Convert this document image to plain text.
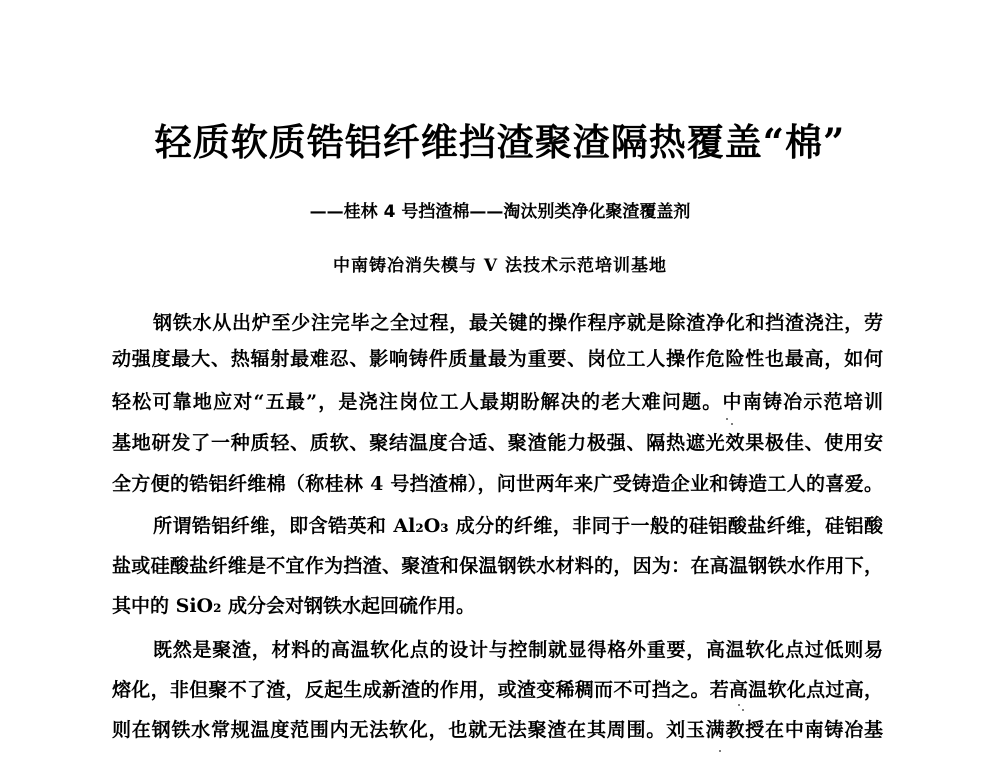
轻质软质锆铝纤维挡渣聚渣隔热覆盖“棉”
——桂林 4 号挡渣棉——淘汰别类净化聚渣覆盖剂
中南铸冶消失模与 V 法技术示范培训基地
钢铁水从出炉至少注完毕之全过程，最关键的操作程序就是除渣净化和挡渣浇注，劳
动强度最大、热辐射最难忍、影响铸件质量最为重要、岗位工人操作危险性也最高，如何
轻松可靠地应对“五最”，是浇注岗位工人最期盼解决的老大难问题。中南铸冶示范培训
基地研发了一种质轻、质软、聚结温度合适、聚渣能力极强、隔热遮光效果极佳、使用安
全方便的锆铝纤维棉（称桂林 4 号挡渣棉），问世两年来广受铸造企业和铸造工人的喜爱。
所谓锆铝纤维，即含锆英和 Al₂O₃ 成分的纤维，非同于一般的硅铝酸盐纤维，硅铝酸
盐或硅酸盐纤维是不宜作为挡渣、聚渣和保温钢铁水材料的，因为：在高温钢铁水作用下，
其中的 SiO₂ 成分会对钢铁水起回硫作用。
既然是聚渣，材料的高温软化点的设计与控制就显得格外重要，高温软化点过低则易
熔化，非但聚不了渣，反起生成新渣的作用，或渣变稀稠而不可挡之。若高温软化点过高，
则在钢铁水常规温度范围内无法软化，也就无法聚渣在其周围。刘玉满教授在中南铸冶基
